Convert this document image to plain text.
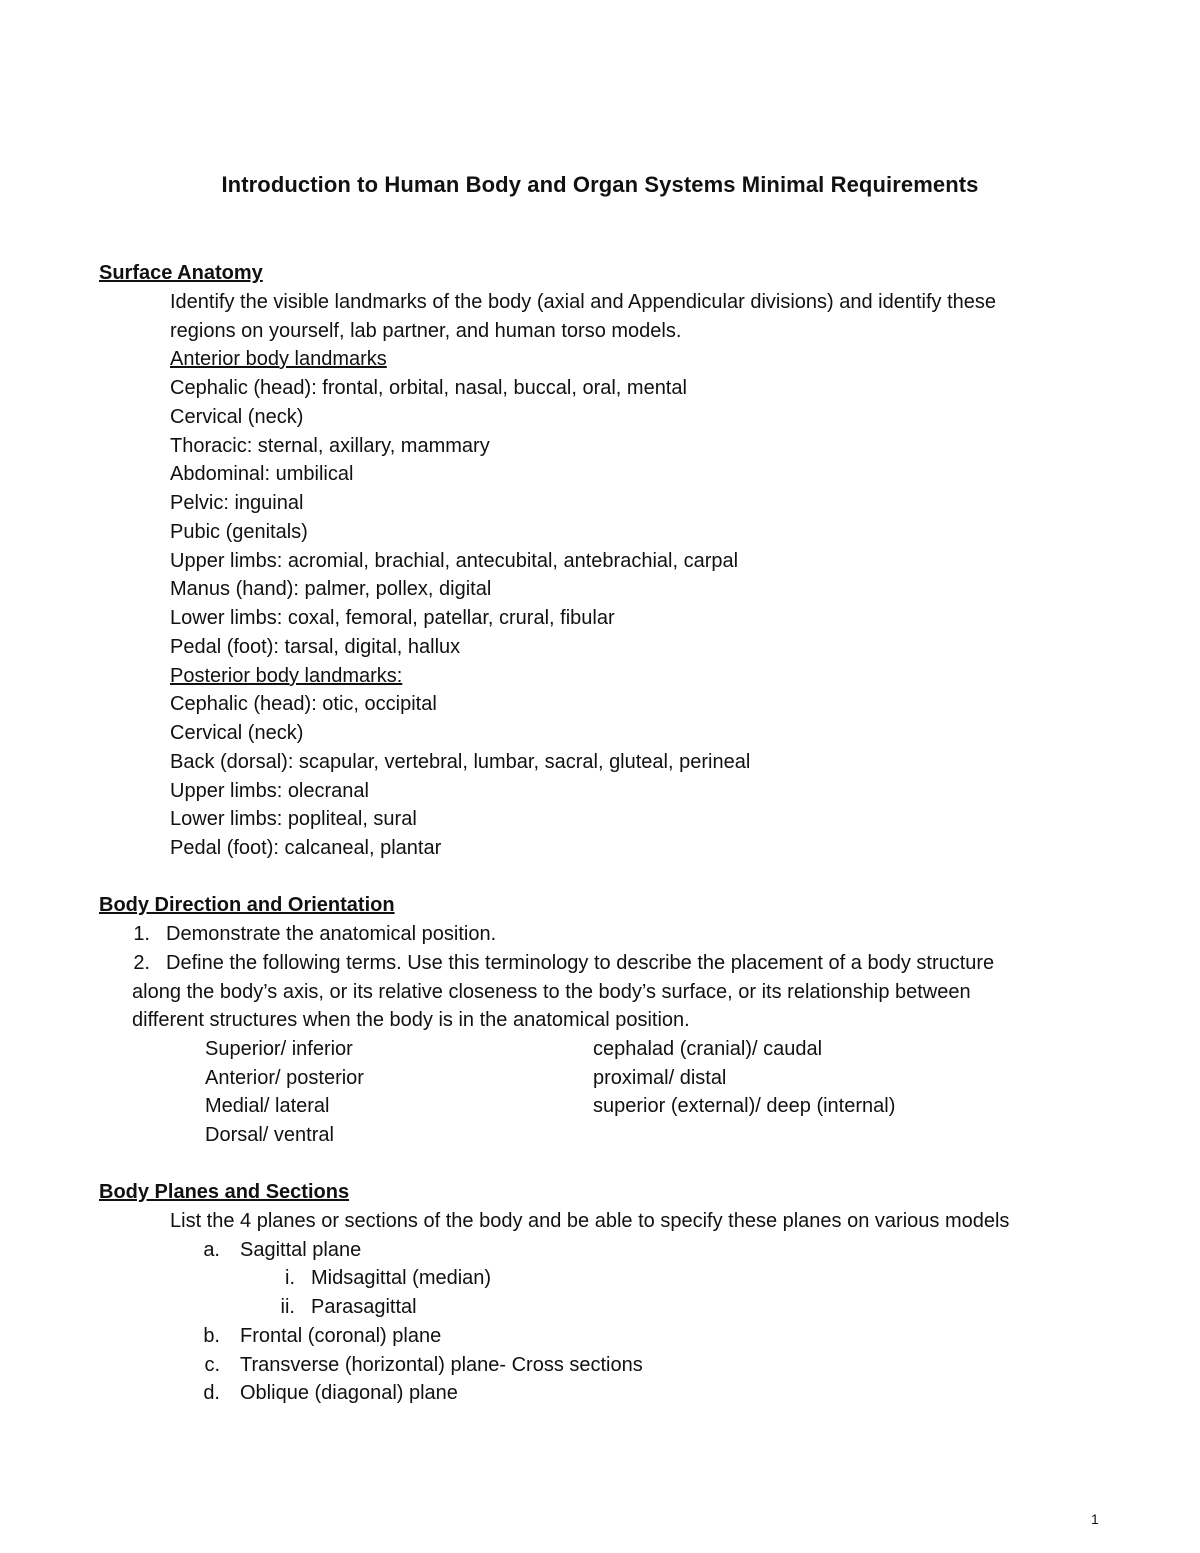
Introduction to Human Body and Organ Systems Minimal Requirements
Surface Anatomy
Identify the visible landmarks of the body (axial and Appendicular divisions) and identify these
regions on yourself, lab partner, and human torso models.
Anterior body landmarks
Cephalic (head): frontal, orbital, nasal, buccal, oral, mental
Cervical (neck)
Thoracic: sternal, axillary, mammary
Abdominal: umbilical
Pelvic: inguinal
Pubic (genitals)
Upper limbs: acromial, brachial, antecubital, antebrachial, carpal
Manus (hand): palmer, pollex, digital
Lower limbs: coxal, femoral, patellar, crural, fibular
Pedal (foot): tarsal, digital, hallux
Posterior body landmarks:
Cephalic (head): otic, occipital
Cervical (neck)
Back (dorsal): scapular, vertebral, lumbar, sacral, gluteal, perineal
Upper limbs: olecranal
Lower limbs: popliteal, sural
Pedal (foot): calcaneal, plantar
Body Direction and Orientation
1. Demonstrate the anatomical position.
2. Define the following terms. Use this terminology to describe the placement of a body structure
along the body’s axis, or its relative closeness to the body’s surface, or its relationship between
different structures when the body is in the anatomical position.
Superior/ inferior
Anterior/ posterior
Medial/ lateral
Dorsal/ ventral
cephalad (cranial)/ caudal
proximal/ distal
superior (external)/ deep (internal)
Body Planes and Sections
List the 4 planes or sections of the body and be able to specify these planes on various models
a. Sagittal plane
i. Midsagittal (median)
ii. Parasagittal
b. Frontal (coronal) plane
c. Transverse (horizontal) plane- Cross sections
d. Oblique (diagonal) plane
1
